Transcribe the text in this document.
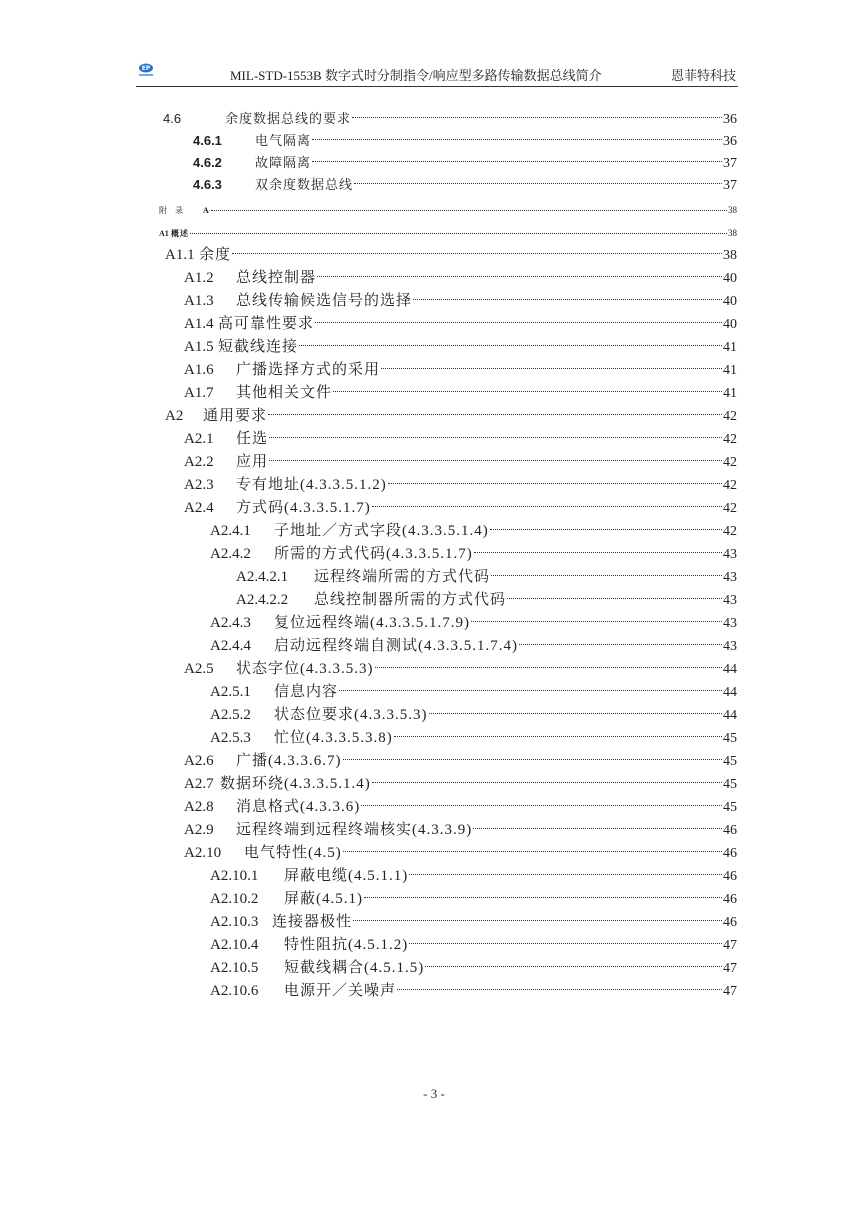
EP	MIL-STD-1553B 数字式时分制指令/响应型多路传输数据总线简介	恩菲特科技
4.6	余度数据总线的要求	36
4.6.1	电气隔离	36
4.6.2	故障隔离	37
4.6.3	双余度数据总线	37
附　录	A	38
A1 概述	38
A1.1 余度	38
A1.2	总线控制器	40
A1.3	总线传输候选信号的选择	40
A1.4 高可靠性要求	40
A1.5 短截线连接	41
A1.6	广播选择方式的采用	41
A1.7	其他相关文件	41
A2	通用要求	42
A2.1	任选	42
A2.2	应用	42
A2.3	专有地址(4.3.3.5.1.2)	42
A2.4	方式码(4.3.3.5.1.7)	42
A2.4.1	子地址／方式字段(4.3.3.5.1.4)	42
A2.4.2	所需的方式代码(4.3.3.5.1.7)	43
A2.4.2.1	远程终端所需的方式代码	43
A2.4.2.2	总线控制器所需的方式代码	43
A2.4.3	复位远程终端(4.3.3.5.1.7.9)	43
A2.4.4	启动远程终端自测试(4.3.3.5.1.7.4)	43
A2.5	状态字位(4.3.3.5.3)	44
A2.5.1	信息内容	44
A2.5.2	状态位要求(4.3.3.5.3)	44
A2.5.3	忙位(4.3.3.5.3.8)	45
A2.6	广播(4.3.3.6.7)	45
A2.7 数据环绕(4.3.3.5.1.4)	45
A2.8	消息格式(4.3.3.6)	45
A2.9	远程终端到远程终端核实(4.3.3.9)	46
A2.10	电气特性(4.5)	46
A2.10.1	屏蔽电缆(4.5.1.1)	46
A2.10.2	屏蔽(4.5.1)	46
A2.10.3 连接器极性	46
A2.10.4	特性阻抗(4.5.1.2)	47
A2.10.5	短截线耦合(4.5.1.5)	47
A2.10.6	电源开／关噪声	47
- 3 -
